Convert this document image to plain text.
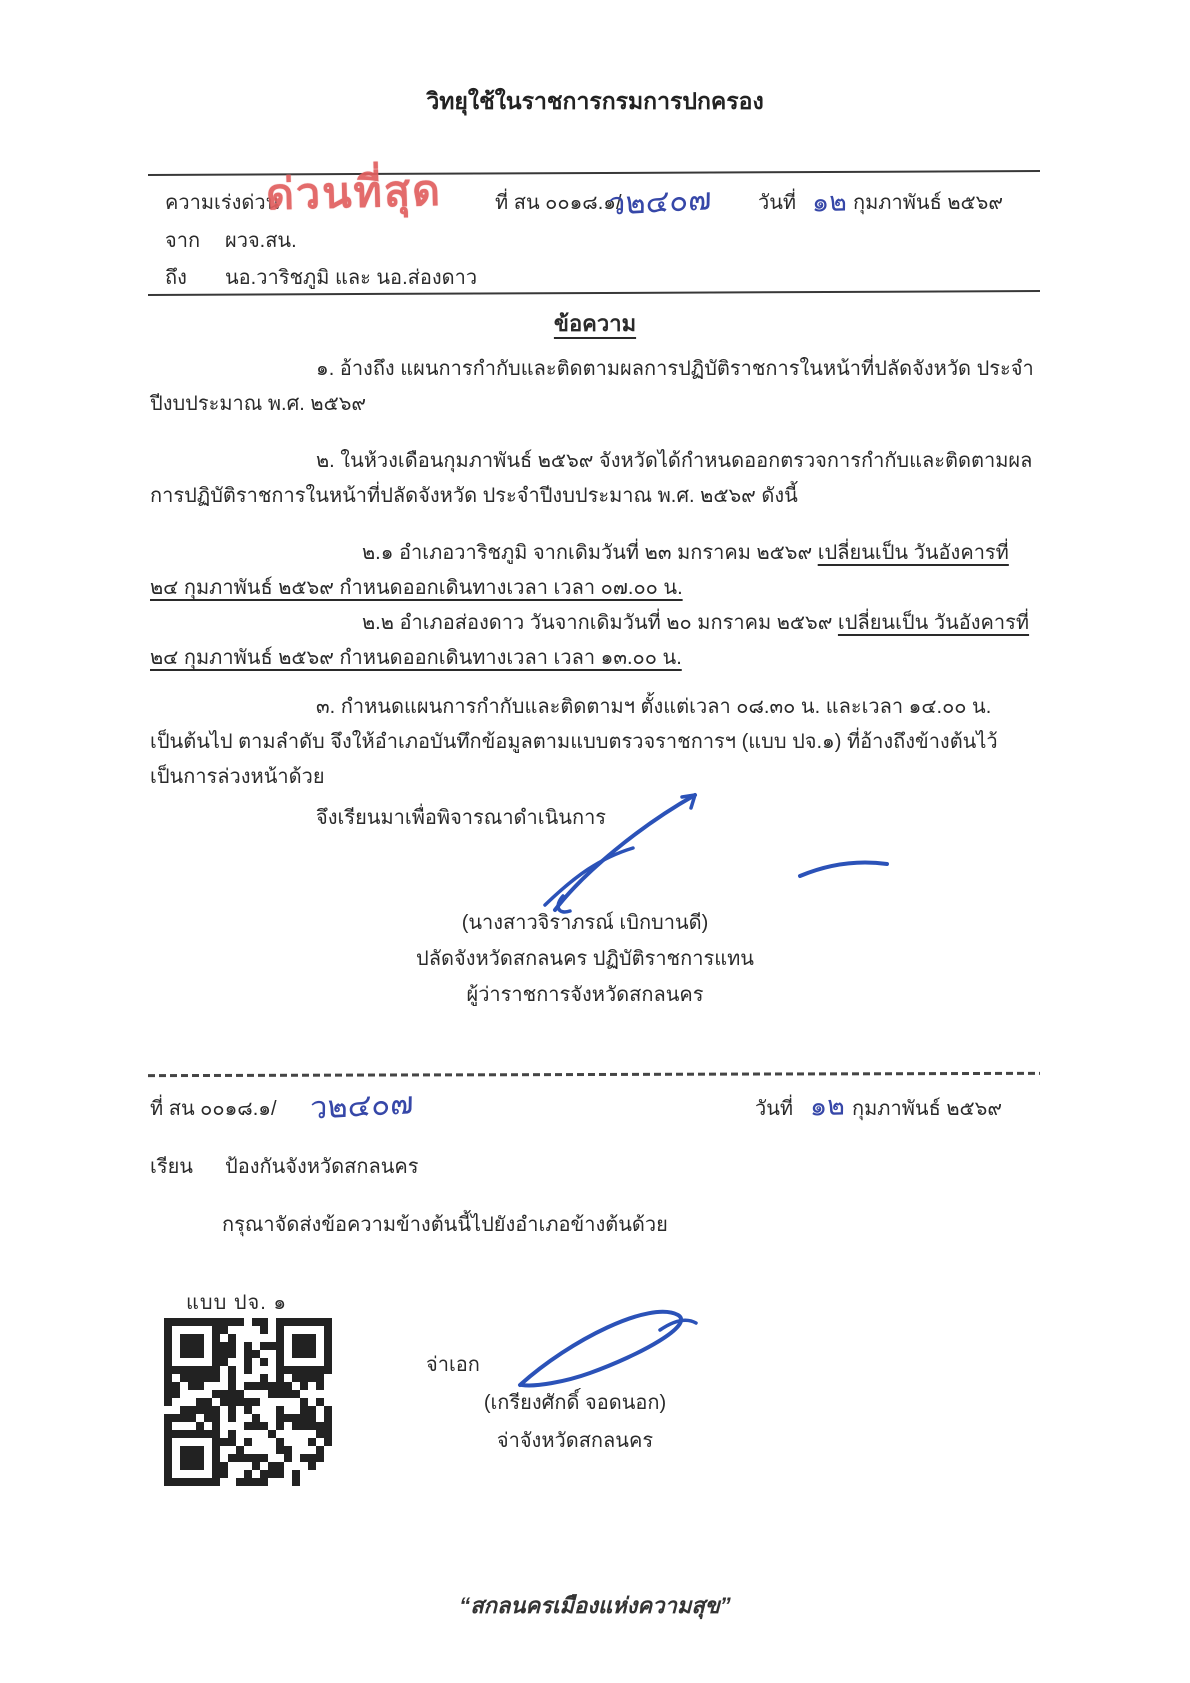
วิทยุใช้ในราชการกรมการปกครอง
ความเร่งด่วน	ที่ สน ๐๐๑๘.๑/
ว๒๔๐๗ วันที่ ๑๒ กุมภาพันธ์ ๒๕๖๙
ด่วนที่สุด
จาก ผวจ.สน.
ถึง นอ.วาริชภูมิ และ นอ.ส่องดาว
ข้อความ

๑. อ้างถึง แผนการกำกับและติดตามผลการปฏิบัติราชการในหน้าที่ปลัดจังหวัด ประจำปีงบประมาณ พ.ศ. ๒๕๖๙

๒. ในห้วงเดือนกุมภาพันธ์ ๒๕๖๙ จังหวัดได้กำหนดออกตรวจการกำกับและติดตามผลการปฏิบัติราชการในหน้าที่ปลัดจังหวัด ประจำปีงบประมาณ พ.ศ. ๒๕๖๙ ดังนี้

๒.๑ อำเภอวาริชภูมิ จากเดิมวันที่ ๒๓ มกราคม ๒๕๖๙ เปลี่ยนเป็น วันอังคารที่ ๒๔ กุมภาพันธ์ ๒๕๖๙ กำหนดออกเดินทางเวลา เวลา ๐๗.๐๐ น.

๒.๒ อำเภอส่องดาว วันจากเดิมวันที่ ๒๐ มกราคม ๒๕๖๙ เปลี่ยนเป็น วันอังคารที่ ๒๔ กุมภาพันธ์ ๒๕๖๙ กำหนดออกเดินทางเวลา เวลา ๑๓.๐๐ น.

๓. กำหนดแผนการกำกับและติดตามฯ ตั้งแต่เวลา ๐๘.๓๐ น. และเวลา ๑๔.๐๐ น. เป็นต้นไป ตามลำดับ จึงให้อำเภอบันทึกข้อมูลตามแบบตรวจราชการฯ (แบบ ปจ.๑) ที่อ้างถึงข้างต้นไว้เป็นการล่วงหน้าด้วย

จึงเรียนมาเพื่อพิจารณาดำเนินการ

(นางสาวจิราภรณ์ เบิกบานดี)
ปลัดจังหวัดสกลนคร ปฏิบัติราชการแทน
ผู้ว่าราชการจังหวัดสกลนคร
ที่ สน ๐๐๑๘.๑/ ว๒๔๐๗	วันที่ ๑๒ กุมภาพันธ์ ๒๕๖๙
เรียน ป้องกันจังหวัดสกลนคร
กรุณาจัดส่งข้อความข้างต้นนี้ไปยังอำเภอข้างต้นด้วย
แบบ ปจ. ๑
จ่าเอก
(เกรียงศักดิ์ จอดนอก)
จ่าจังหวัดสกลนคร
“สกลนครเมืองแห่งความสุข”
